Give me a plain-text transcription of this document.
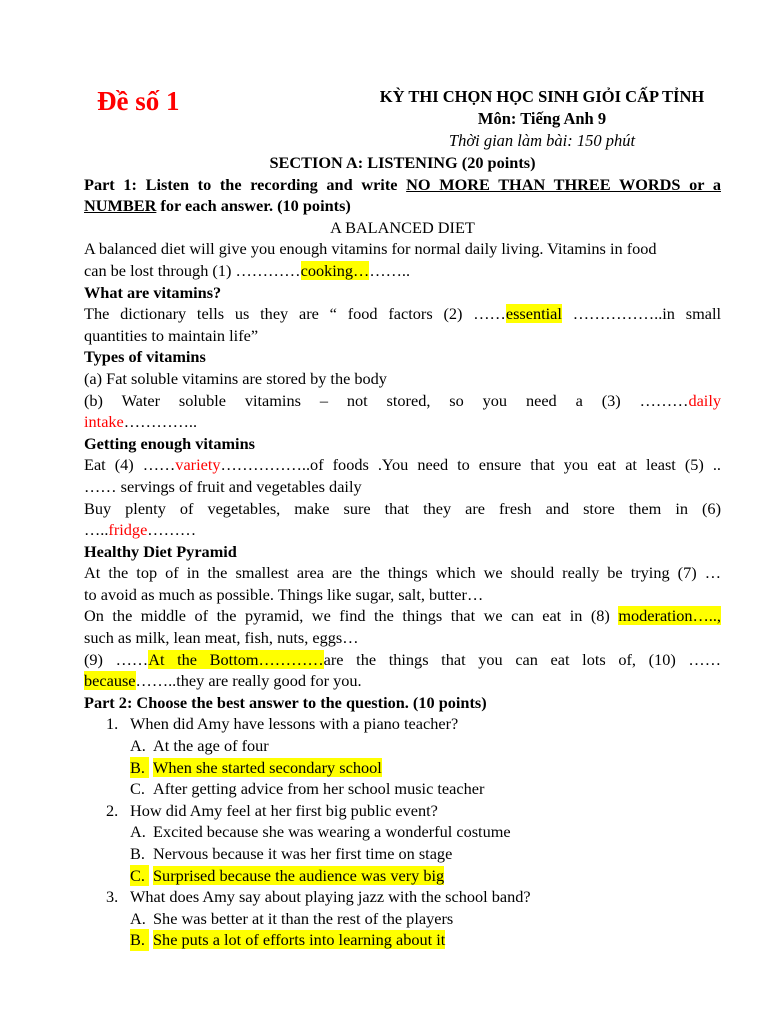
Đề số 1	KỲ THI CHỌN HỌC SINH GIỎI CẤP TỈNH
Môn: Tiếng Anh 9
Thời gian làm bài: 150 phút
SECTION A: LISTENING (20 points)
Part 1: Listen to the recording and write NO MORE THAN THREE WORDS or a
NUMBER for each answer. (10 points)
A BALANCED DIET
A balanced diet will give you enough vitamins for normal daily living. Vitamins in food
can be lost through (1) …………cooking………..
What are vitamins?
The dictionary tells us they are “ food factors (2) ……essential ……………..in small
quantities to maintain life”
Types of vitamins
(a) Fat soluble vitamins are stored by the body
(b) Water soluble vitamins – not stored, so you need a (3) ………daily
intake…………..
Getting enough vitamins
Eat (4) ……variety……………..of foods .You need to ensure that you eat at least (5) ..
…… servings of fruit and vegetables daily
Buy plenty of vegetables, make sure that they are fresh and store them in (6)
…..fridge………
Healthy Diet Pyramid
At the top of in the smallest area are the things which we should really be trying (7) …
to avoid as much as possible. Things like sugar, salt, butter…
On the middle of the pyramid, we find the things that we can eat in (8) moderation…..,
such as milk, lean meat, fish, nuts, eggs…
(9) ……At the Bottom…………are the things that you can eat lots of, (10) ……
because……..they are really good for you.
Part 2: Choose the best answer to the question. (10 points)
1. When did Amy have lessons with a piano teacher?
A. At the age of four
B. When she started secondary school
C. After getting advice from her school music teacher
2. How did Amy feel at her first big public event?
A. Excited because she was wearing a wonderful costume
B. Nervous because it was her first time on stage
C. Surprised because the audience was very big
3. What does Amy say about playing jazz with the school band?
A. She was better at it than the rest of the players
B. She puts a lot of efforts into learning about it
